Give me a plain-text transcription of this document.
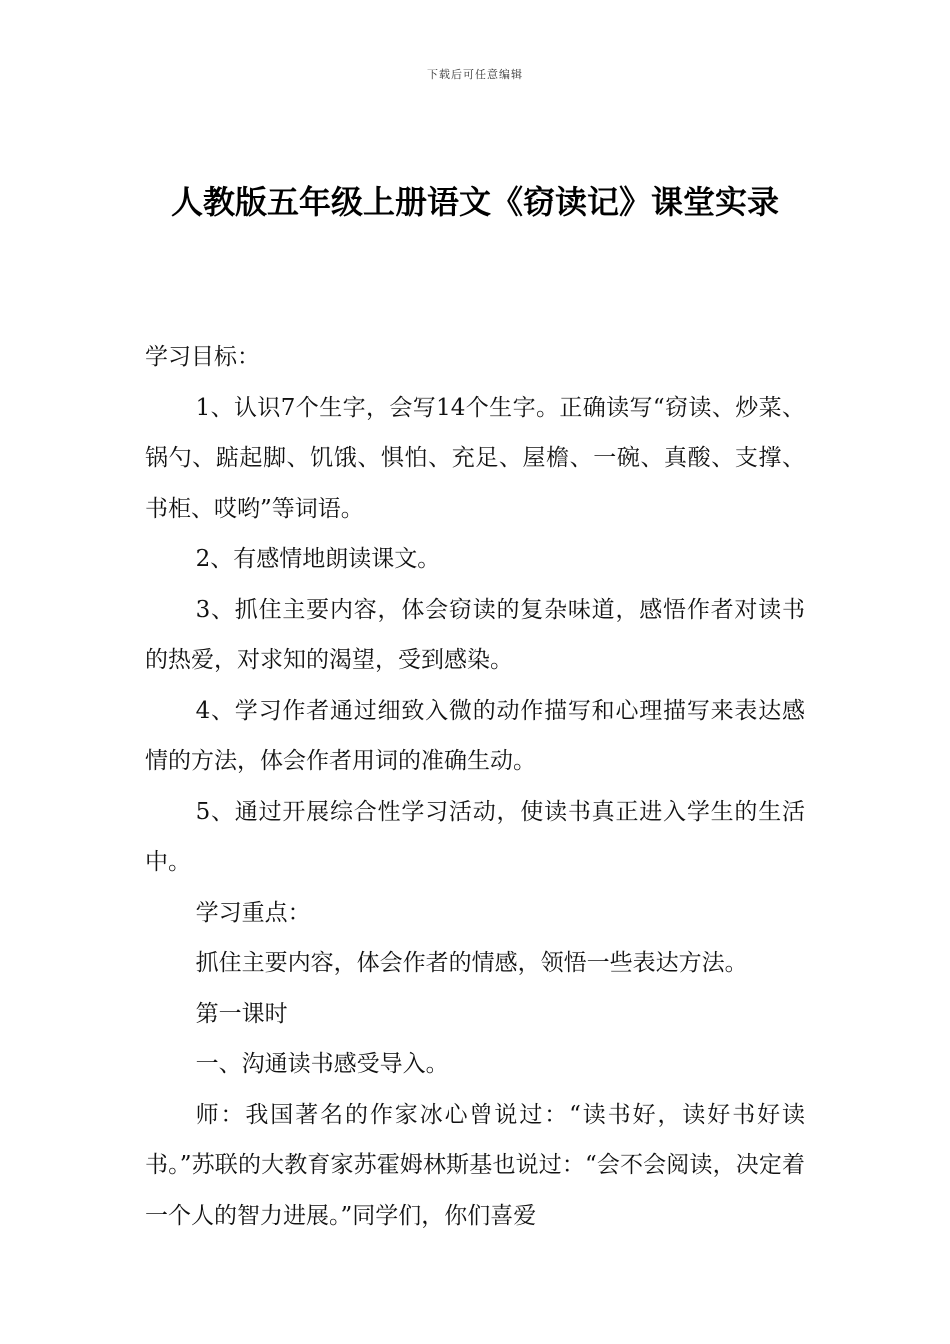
下载后可任意编辑
人教版五年级上册语文《窃读记》课堂实录

学习目标：

1、认识7个生字，会写14个生字。正确读写“窃读、炒菜、锅勺、踮起脚、饥饿、惧怕、充足、屋檐、一碗、真酸、支撑、书柜、哎哟”等词语。

2、有感情地朗读课文。

3、抓住主要内容，体会窃读的复杂味道，感悟作者对读书的热爱，对求知的渴望，受到感染。

4、学习作者通过细致入微的动作描写和心理描写来表达感情的方法，体会作者用词的准确生动。

5、通过开展综合性学习活动，使读书真正进入学生的生活中。

学习重点：

抓住主要内容，体会作者的情感，领悟一些表达方法。

第一课时

一、沟通读书感受导入。

师：我国著名的作家冰心曾说过：“读书好，读好书好读书。”苏联的大教育家苏霍姆林斯基也说过：“会不会阅读，决定着一个人的智力进展。”同学们，你们喜爱
